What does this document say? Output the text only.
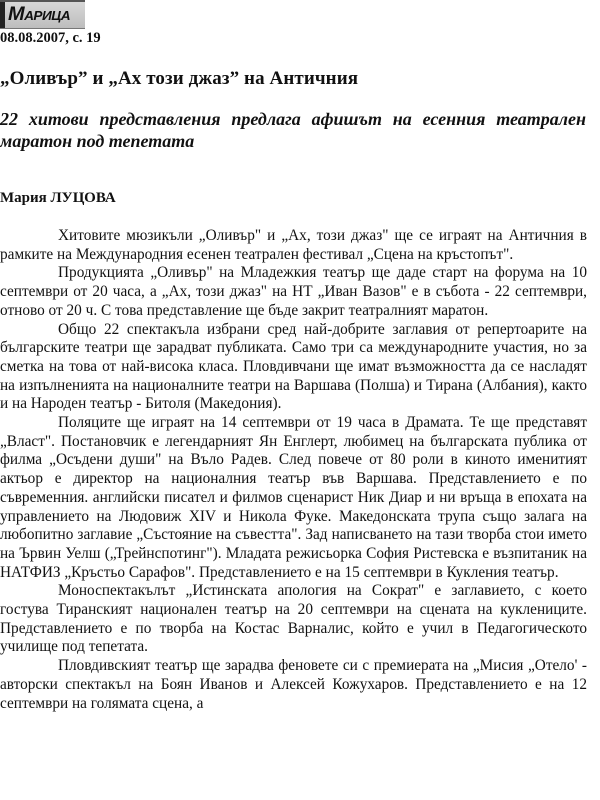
МАРИЦА
08.08.2007, с. 19
„Оливър” и „Ах този джаз” на Античния
22 хитови представления предлага афишът на есенния театрален маратон под тепетата
Мария ЛУЦОВА

Хитовите мюзикъли „Оливър" и „Ах, този джаз" ще се играят на Античния в рамките на Международния есенен театрален фестивал „Сцена на кръстопът".

Продукцията „Оливър" на Младежкия театър ще даде старт на форума на 10 септември от 20 часа, а „Ах, този джаз" на НТ „Иван Вазов" е в събота - 22 септември, отново от 20 ч. С това представление ще бъде закрит театралният маратон.

Общо 22 спектакъла избрани сред най-добрите заглавия от репертоарите на българските театри ще зарадват публиката. Само три са международните участия, но за сметка на това от най-висока класа. Пловдивчани ще имат възможността да се насладят на изпълненията на националните театри на Варшава (Полша) и Тирана (Албания), както и на Народен театър - Битоля (Македония).

Поляците ще играят на 14 септември от 19 часа в Драмата. Те ще представят „Власт". Постановчик е легендарният Ян Енглерт, любимец на българската публика от филма „Осъдени души" на Въло Радев. След повече от 80 роли в киното именитият актьор е директор на националния театър във Варшава. Представлението е по съвременния. английски писател и филмов сценарист Ник Диар и ни връща в епохата на управлението на Людовиж XIV и Никола Фуке. Македонската трупа също залага на любопитно заглавие „Състояние на съвестта". Зад написването на тази творба стои името на Ървин Уелш („Трейнспотинг"). Младата режисьорка София Ристевска е възпитаник на НАТФИЗ „Кръстьо Сарафов". Представлението е на 15 септември в Кукления театър.

Моноспектакълът „Истинската апология на Сократ" е заглавието, с което гостува Тиранският национален театър на 20 септември на сцената на куклениците. Представлението е по творба на Костас Варналис, който е учил в Педагогическото училище под тепетата.

Пловдивският театър ще зарадва феновете си с премиерата на „Мисия „Отело' - авторски спектакъл на Боян Иванов и Алексей Кожухаров. Представлението е на 12 септември на голямата сцена, а
